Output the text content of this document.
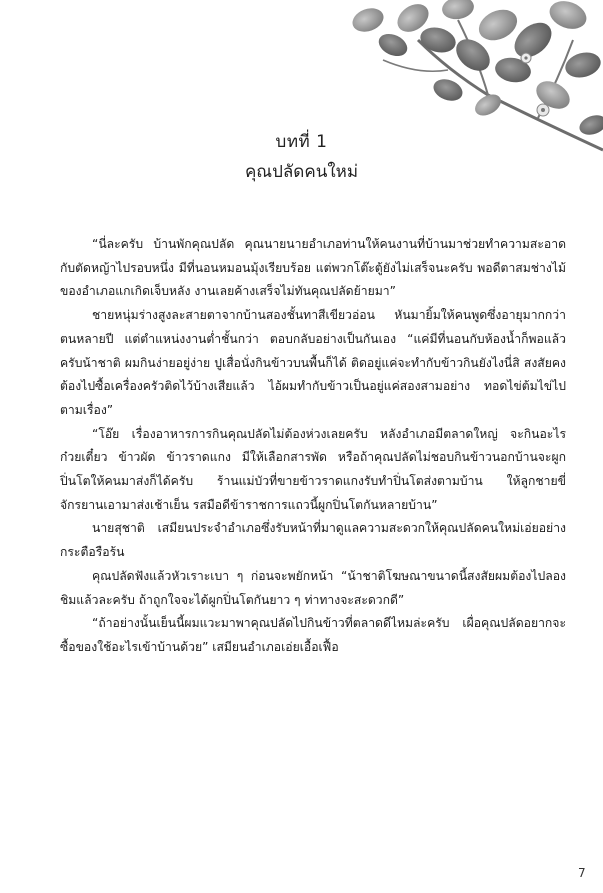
บทที่ 1
คุณปลัดคนใหม่

“นี่ละครับ บ้านพักคุณปลัด คุณนายนายอำเภอท่านให้คนงานที่บ้านมาช่วยทำความสะอาดกับตัดหญ้าไปรอบหนึ่ง มีที่นอนหมอนมุ้งเรียบร้อย แต่พวกโต๊ะตู้ยังไม่เสร็จนะครับ พอดีตาสมช่างไม้ของอำเภอแกเกิดเจ็บหลัง งานเลยค้างเสร็จไม่ทันคุณปลัดย้ายมา”

ชายหนุ่มร่างสูงละสายตาจากบ้านสองชั้นทาสีเขียวอ่อน หันมายิ้มให้คนพูดซึ่งอายุมากกว่าตนหลายปี แต่ตำแหน่งงานต่ำชั้นกว่า ตอบกลับอย่างเป็นกันเอง “แค่มีที่นอนกับห้องน้ำก็พอแล้วครับน้าชาติ ผมกินง่ายอยู่ง่าย ปูเสื่อนั่งกินข้าวบนพื้นก็ได้ ติดอยู่แค่จะทำกับข้าวกินยังไงนี่สิ สงสัยคงต้องไปซื้อเครื่องครัวติดไว้บ้างเสียแล้ว ไอ้ผมทำกับข้าวเป็นอยู่แค่สองสามอย่าง ทอดไข่ต้มไข่ไปตามเรื่อง”

“โอ๊ย เรื่องอาหารการกินคุณปลัดไม่ต้องห่วงเลยครับ หลังอำเภอมีตลาดใหญ่ จะกินอะไร ก๋วยเตี๋ยว ข้าวผัด ข้าวราดแกง มีให้เลือกสารพัด หรือถ้าคุณปลัดไม่ชอบกินข้าวนอกบ้านจะผูกปิ่นโตให้คนมาส่งก็ได้ครับ ร้านแม่บัวที่ขายข้าวราดแกงรับทำปิ่นโตส่งตามบ้าน ให้ลูกชายขี่จักรยานเอามาส่งเช้าเย็น รสมือดีข้าราชการแถวนี้ผูกปิ่นโตกันหลายบ้าน”

นายสุชาติ เสมียนประจำอำเภอซึ่งรับหน้าที่มาดูแลความสะดวกให้คุณปลัดคนใหม่เอ่ยอย่างกระตือรือร้น

คุณปลัดฟังแล้วหัวเราะเบา ๆ ก่อนจะพยักหน้า “น้าชาติโฆษณาขนาดนี้สงสัยผมต้องไปลองชิมแล้วละครับ ถ้าถูกใจจะได้ผูกปิ่นโตกันยาว ๆ ท่าทางจะสะดวกดี”

“ถ้าอย่างนั้นเย็นนี้ผมแวะมาพาคุณปลัดไปกินข้าวที่ตลาดดีไหมล่ะครับ เผื่อคุณปลัดอยากจะซื้อของใช้อะไรเข้าบ้านด้วย” เสมียนอำเภอเอ่ยเอื้อเฟื้อ

7
